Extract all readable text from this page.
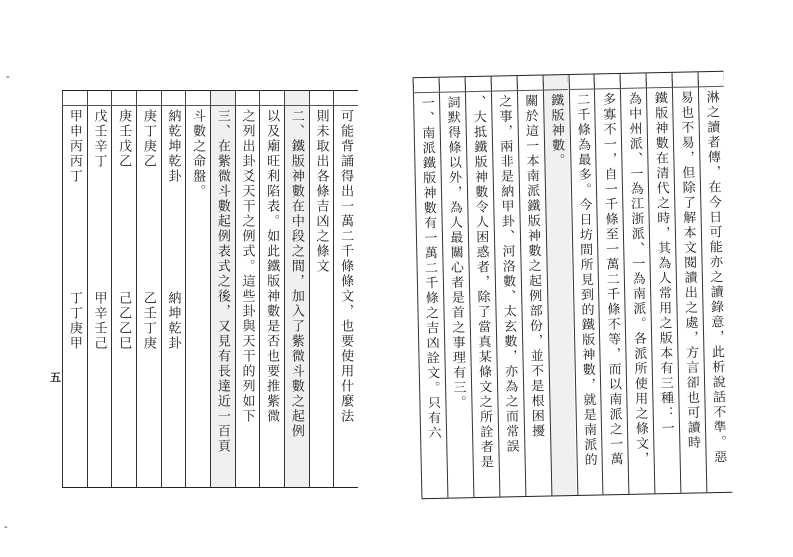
甲申丙丙丁
丁丁庚甲
戊壬辛丁
甲辛壬己
庚壬戊乙
己乙乙巳
庚丁庚乙
乙壬丁庚
納乾坤乾卦
納坤乾卦
斗數之命盤。 三、在紫微斗數起例表式之後，又見有長達近一百頁 之列出卦爻天干之例式。這些卦與天干的列如下 以及廟旺利陷表。如此鐵版神數是否也要推紫微 二、鐵版神數在中段之間，加入了紫微斗數之起例 則未取出各條吉凶之條文 可能背誦得出一萬二千條條文，也要使用什麼法	一、南派鐵版神數有一萬二千條之吉凶詮文。只有六 詞默得條以外，為人最關心者是首之事理有三。 、大抵鐵版神數令人困惑者，除了當真某條文之所詮者是 之事，兩非是納甲卦、河洛數、太玄數，亦為之而常誤 關於這一本南派鐵版神數之起例部份，並不是根困擾 鐵版神數。 二千條為最多。今日坊間所見到的鐵版神數，就是南派的 多寡不一，自一千條至一萬二千條不等，而以南派之一萬 為中州派、一為江浙派、一為南派。各派所使用之條文， 鐵版神數在清代之時，其為人常用之版本有三種：一 易也不易，但除了解本文閱讀出之處，方言卻也可讀時 淋之讀者傳，在今日可能亦之讀錄意，此析說話不準。惡
五
-
-
